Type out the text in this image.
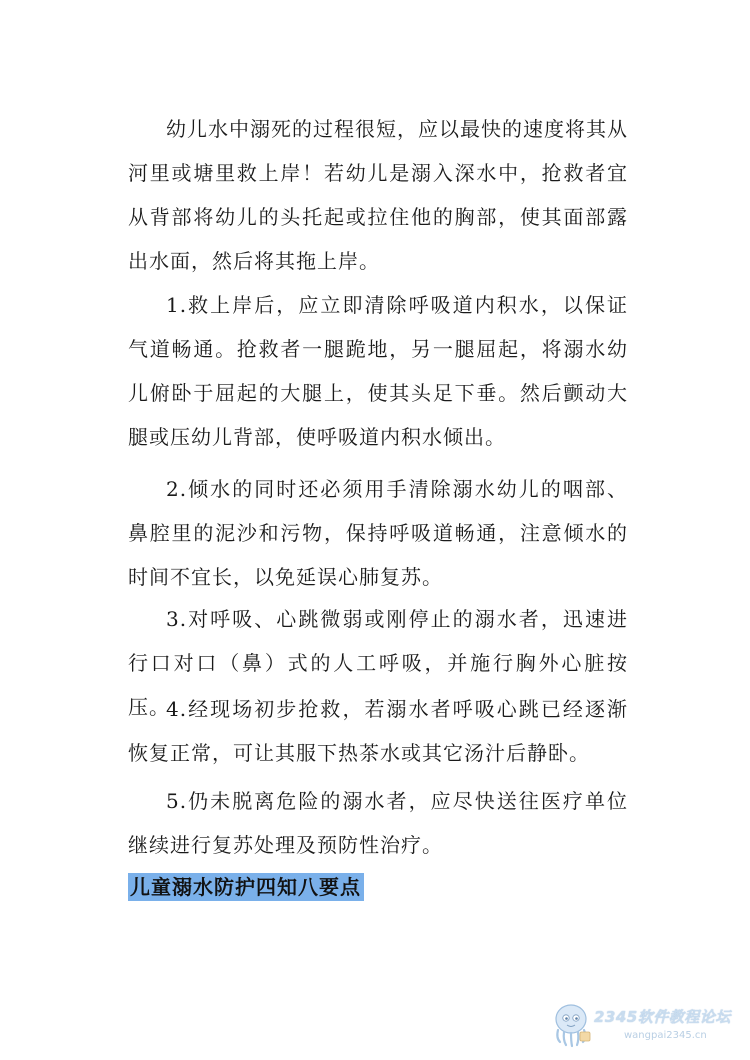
幼儿水中溺死的过程很短，应以最快的速度将其从河里或塘里救上岸！若幼儿是溺入深水中，抢救者宜从背部将幼儿的头托起或拉住他的胸部，使其面部露出水面，然后将其拖上岸。

1.救上岸后，应立即清除呼吸道内积水，以保证气道畅通。抢救者一腿跪地，另一腿屈起，将溺水幼儿俯卧于屈起的大腿上，使其头足下垂。然后颤动大腿或压幼儿背部，使呼吸道内积水倾出。

2.倾水的同时还必须用手清除溺水幼儿的咽部、鼻腔里的泥沙和污物，保持呼吸道畅通，注意倾水的时间不宜长，以免延误心肺复苏。

3.对呼吸、心跳微弱或刚停止的溺水者，迅速进行口对口（鼻）式的人工呼吸，并施行胸外心脏按压。

4.经现场初步抢救，若溺水者呼吸心跳已经逐渐恢复正常，可让其服下热茶水或其它汤汁后静卧。

5.仍未脱离危险的溺水者，应尽快送往医疗单位继续进行复苏处理及预防性治疗。

儿童溺水防护四知八要点
2345软件教程论坛
wangpai2345.cn
